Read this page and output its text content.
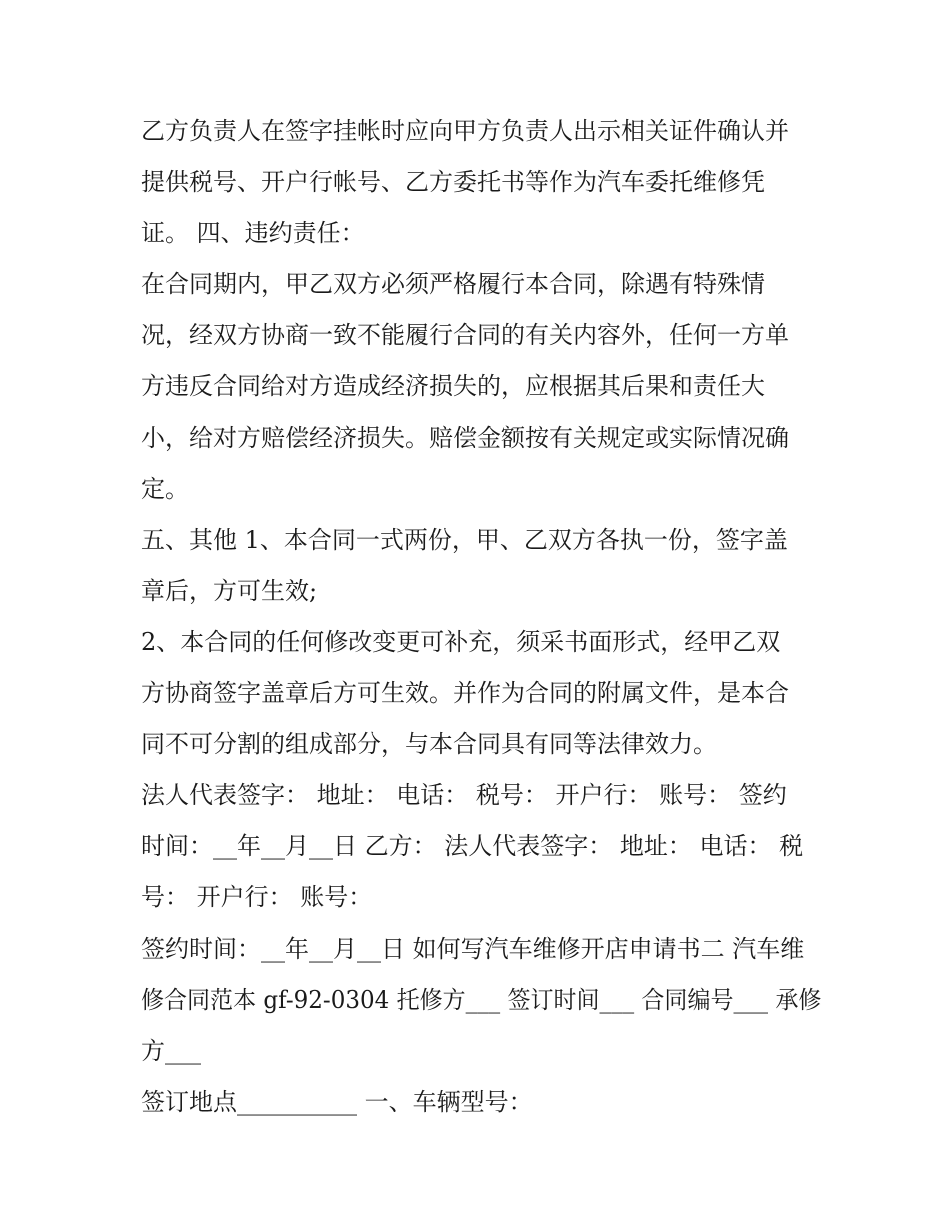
乙方负责人在签字挂帐时应向甲方负责人出示相关证件确认并
提供税号、开户行帐号、乙方委托书等作为汽车委托维修凭
证。 四、违约责任：
在合同期内，甲乙双方必须严格履行本合同，除遇有特殊情
况，经双方协商一致不能履行合同的有关内容外，任何一方单
方违反合同给对方造成经济损失的，应根据其后果和责任大
小，给对方赔偿经济损失。赔偿金额按有关规定或实际情况确
定。
五、其他 1、本合同一式两份，甲、乙双方各执一份，签字盖
章后，方可生效;
2、本合同的任何修改变更可补充，须采书面形式，经甲乙双
方协商签字盖章后方可生效。并作为合同的附属文件，是本合
同不可分割的组成部分，与本合同具有同等法律效力。
法人代表签字： 地址： 电话： 税号： 开户行： 账号： 签约
时间：__年__月__日 乙方： 法人代表签字： 地址： 电话： 税
号： 开户行： 账号：
签约时间：__年__月__日 如何写汽车维修开店申请书二 汽车维
修合同范本 gf-92-0304 托修方___ 签订时间___ 合同编号___ 承修
方___
签订地点__________ 一、车辆型号：
